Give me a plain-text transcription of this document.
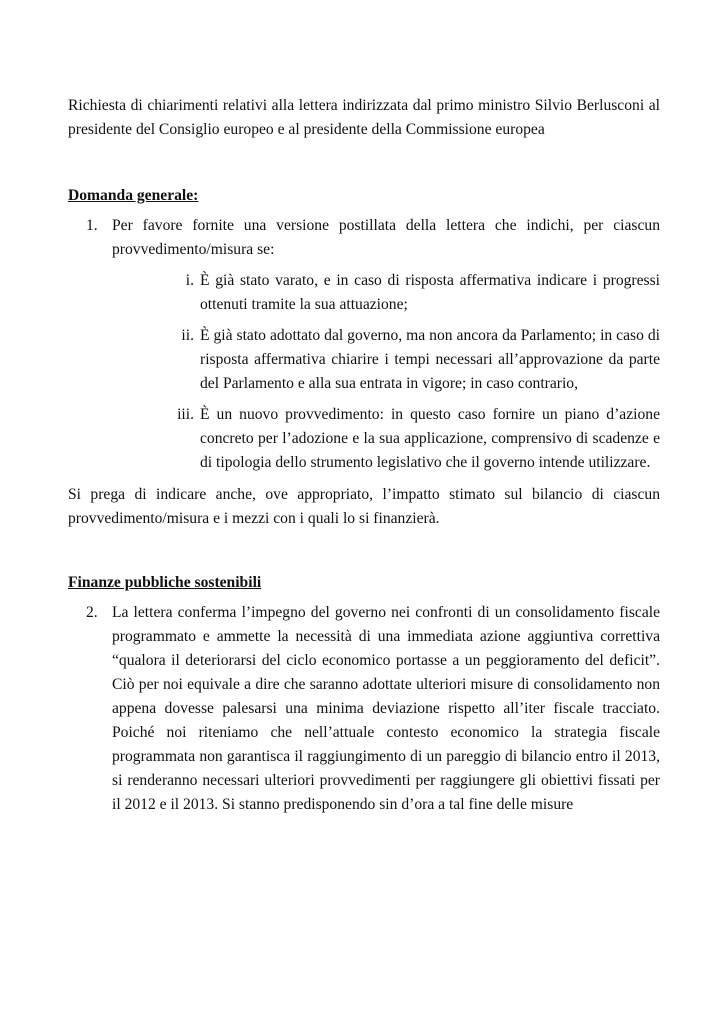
Richiesta di chiarimenti relativi alla lettera indirizzata dal primo ministro Silvio Berlusconi al presidente del Consiglio europeo e al presidente della Commissione europea

Domanda generale:
1. Per favore fornite una versione postillata della lettera che indichi, per ciascun provvedimento/misura se:
i. È già stato varato, e in caso di risposta affermativa indicare i progressi ottenuti tramite la sua attuazione;
ii. È già stato adottato dal governo, ma non ancora da Parlamento; in caso di risposta affermativa chiarire i tempi necessari all’approvazione da parte del Parlamento e alla sua entrata in vigore; in caso contrario,
iii. È un nuovo provvedimento: in questo caso fornire un piano d’azione concreto per l’adozione e la sua applicazione, comprensivo di scadenze e di tipologia dello strumento legislativo che il governo intende utilizzare.

Si prega di indicare anche, ove appropriato, l’impatto stimato sul bilancio di ciascun provvedimento/misura e i mezzi con i quali lo si finanzierà.

Finanze pubbliche sostenibili
2. La lettera conferma l’impegno del governo nei confronti di un consolidamento fiscale programmato e ammette la necessità di una immediata azione aggiuntiva correttiva “qualora il deteriorarsi del ciclo economico portasse a un peggioramento del deficit”. Ciò per noi equivale a dire che saranno adottate ulteriori misure di consolidamento non appena dovesse palesarsi una minima deviazione rispetto all’iter fiscale tracciato. Poiché noi riteniamo che nell’attuale contesto economico la strategia fiscale programmata non garantisca il raggiungimento di un pareggio di bilancio entro il 2013, si renderanno necessari ulteriori provvedimenti per raggiungere gli obiettivi fissati per il 2012 e il 2013. Si stanno predisponendo sin d’ora a tal fine delle misure
